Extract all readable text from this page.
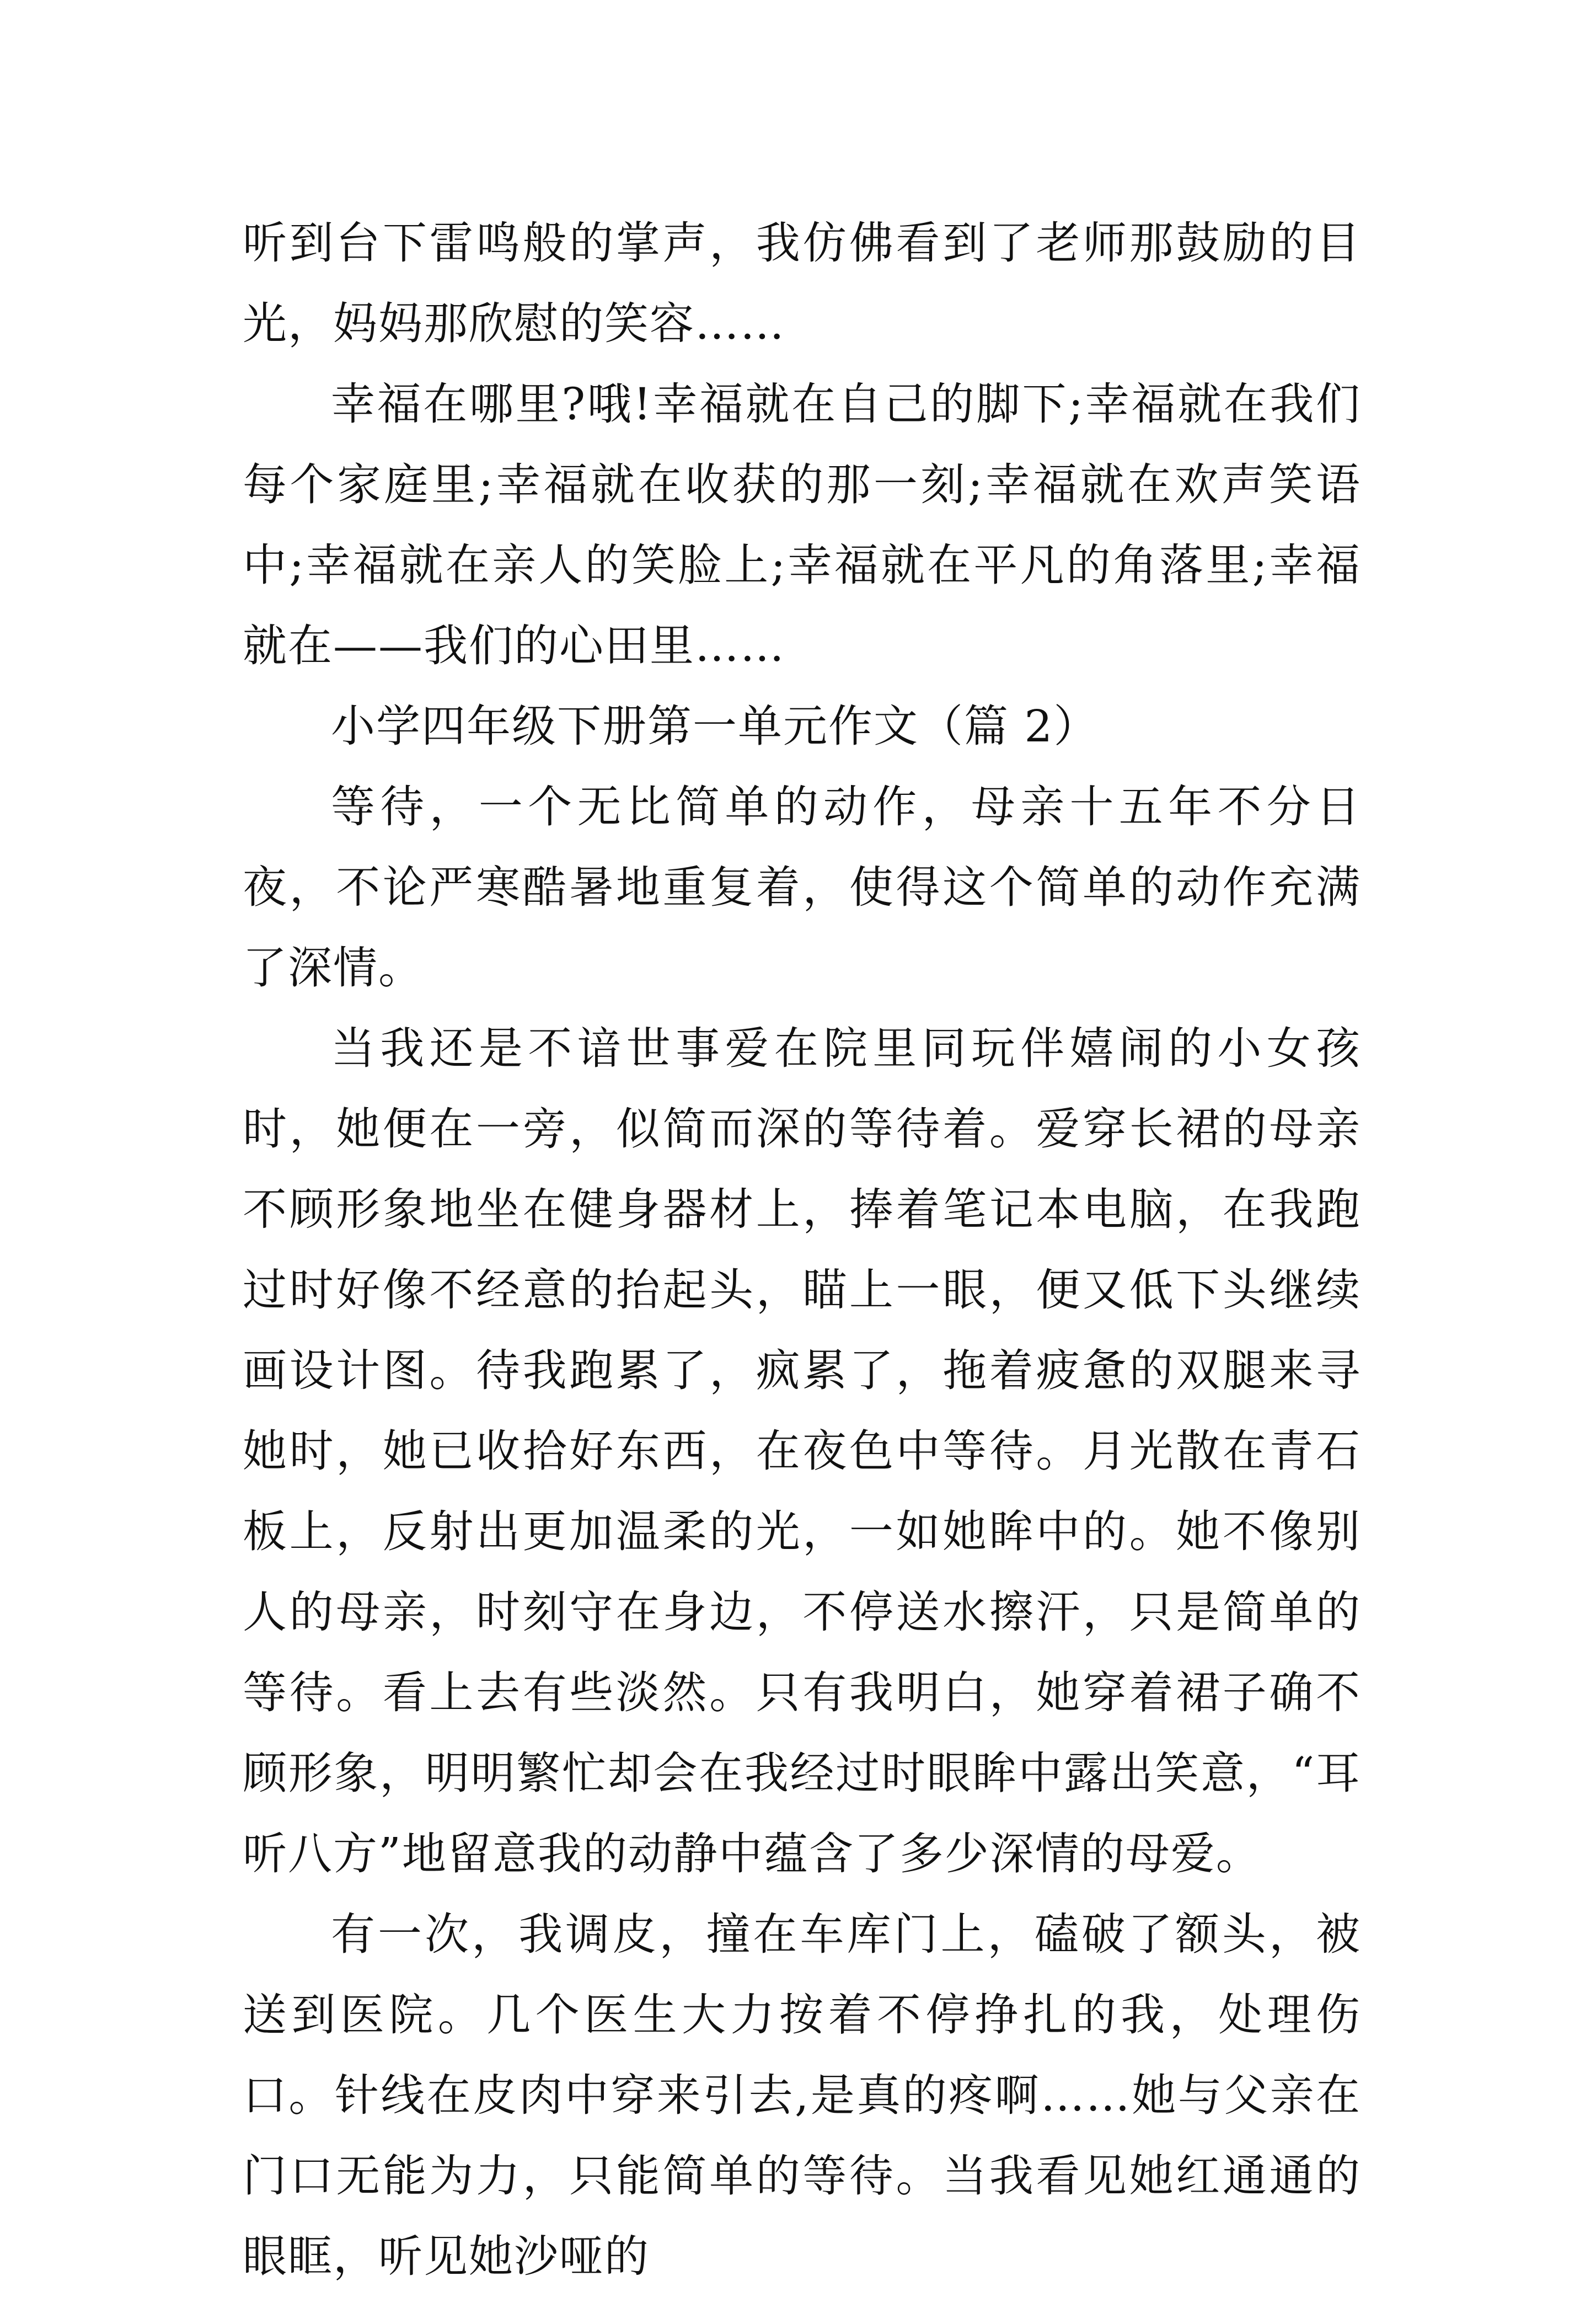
听到台下雷鸣般的掌声，我仿佛看到了老师那鼓励的目光，妈妈那欣慰的笑容……

幸福在哪里?哦!幸福就在自己的脚下;幸福就在我们每个家庭里;幸福就在收获的那一刻;幸福就在欢声笑语中;幸福就在亲人的笑脸上;幸福就在平凡的角落里;幸福就在——我们的心田里……

小学四年级下册第一单元作文（篇 2）

等待，一个无比简单的动作，母亲十五年不分日夜，不论严寒酷暑地重复着，使得这个简单的动作充满了深情。

当我还是不谙世事爱在院里同玩伴嬉闹的小女孩时，她便在一旁，似简而深的等待着。爱穿长裙的母亲不顾形象地坐在健身器材上，捧着笔记本电脑，在我跑过时好像不经意的抬起头，瞄上一眼，便又低下头继续画设计图。待我跑累了，疯累了，拖着疲惫的双腿来寻她时，她已收拾好东西，在夜色中等待。月光散在青石板上，反射出更加温柔的光，一如她眸中的。她不像别人的母亲，时刻守在身边，不停送水擦汗，只是简单的等待。看上去有些淡然。只有我明白，她穿着裙子确不顾形象，明明繁忙却会在我经过时眼眸中露出笑意，“耳听八方”地留意我的动静中蕴含了多少深情的母爱。

有一次，我调皮，撞在车库门上，磕破了额头，被送到医院。几个医生大力按着不停挣扎的我，处理伤口。针线在皮肉中穿来引去,是真的疼啊……她与父亲在门口无能为力，只能简单的等待。当我看见她红通通的眼眶，听见她沙哑的
